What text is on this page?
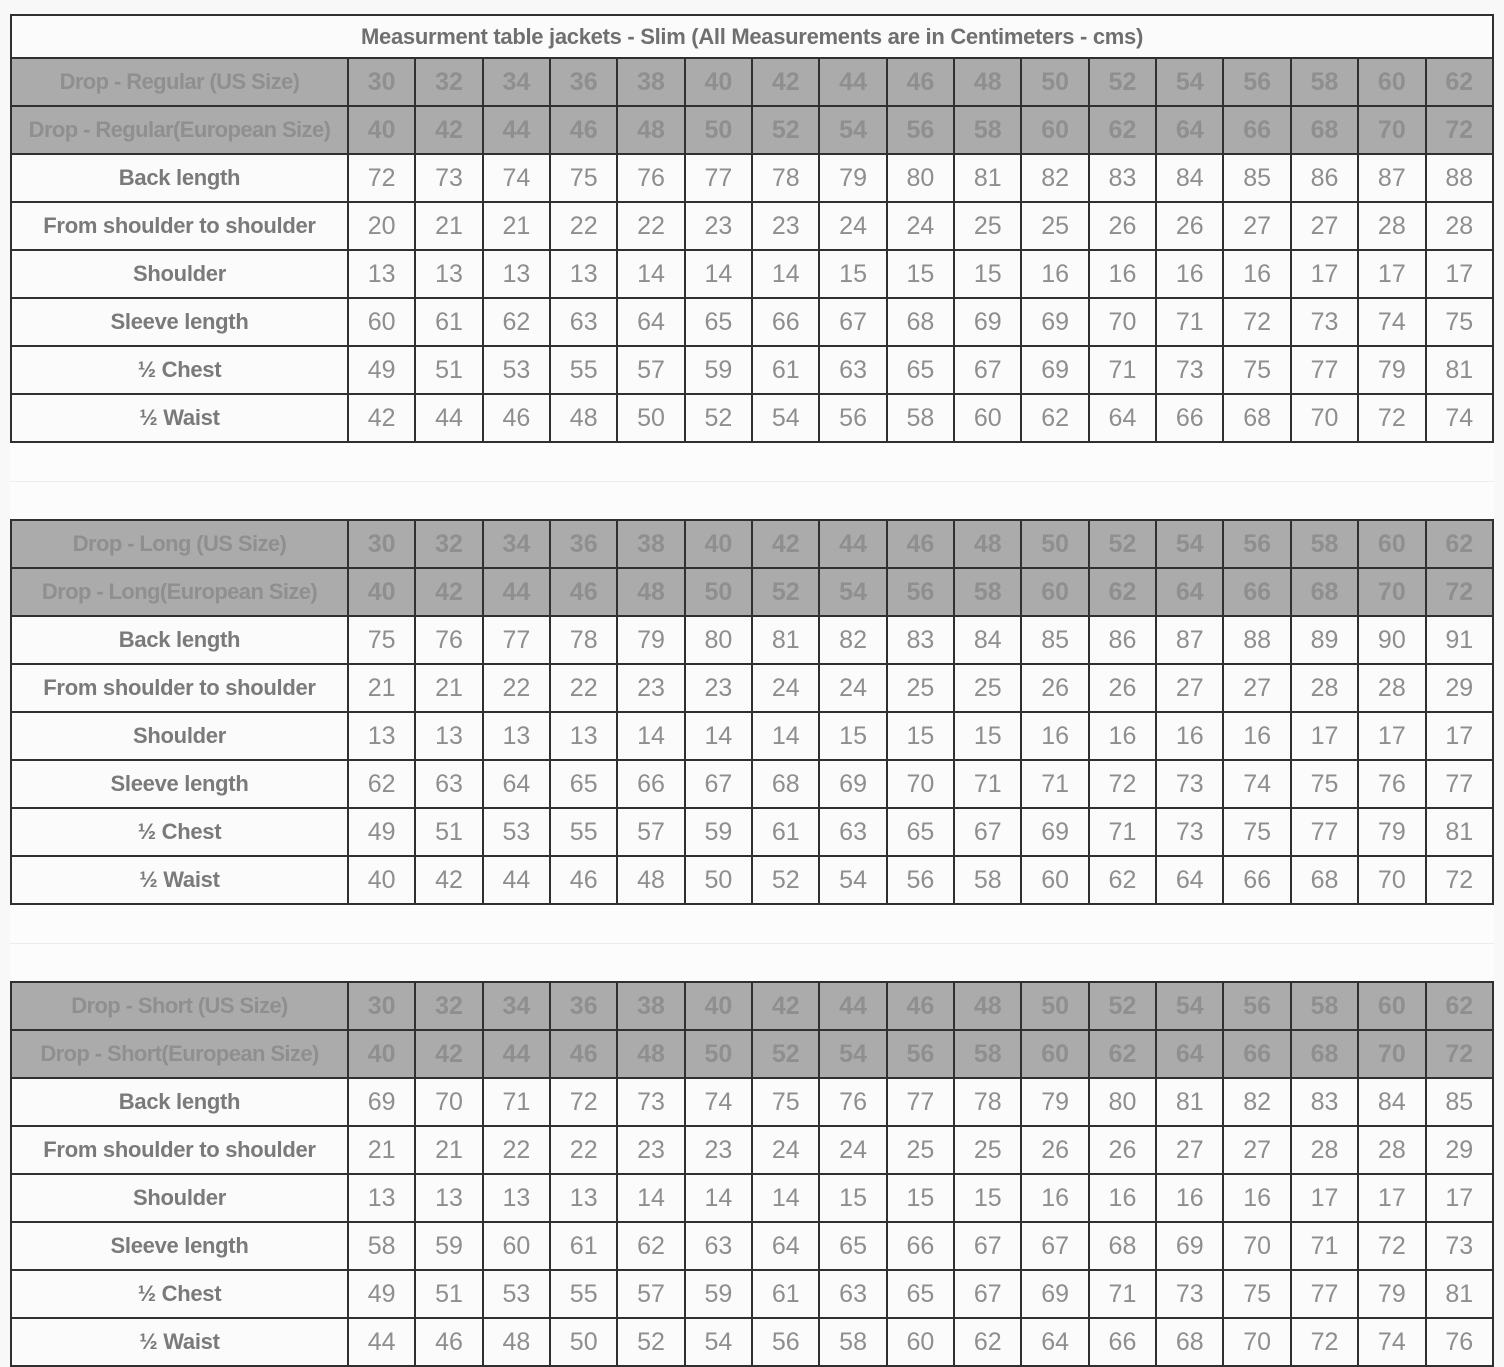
Measurment table jackets - Slim (All Measurements are in Centimeters - cms)																	
Drop - Regular (US Size)	30	32	34	36	38	40	42	44	46	48	50	52	54	56	58	60	62
Drop - Regular(European Size)	40	42	44	46	48	50	52	54	56	58	60	62	64	66	68	70	72
Back length	72	73	74	75	76	77	78	79	80	81	82	83	84	85	86	87	88
From shoulder to shoulder	20	21	21	22	22	23	23	24	24	25	25	26	26	27	27	28	28
Shoulder	13	13	13	13	14	14	14	15	15	15	16	16	16	16	17	17	17
Sleeve length	60	61	62	63	64	65	66	67	68	69	69	70	71	72	73	74	75
½ Chest	49	51	53	55	57	59	61	63	65	67	69	71	73	75	77	79	81
½ Waist	42	44	46	48	50	52	54	56	58	60	62	64	66	68	70	72	74
Drop - Long (US Size)	30	32	34	36	38	40	42	44	46	48	50	52	54	56	58	60	62
Drop - Long(European Size)	40	42	44	46	48	50	52	54	56	58	60	62	64	66	68	70	72
Back length	75	76	77	78	79	80	81	82	83	84	85	86	87	88	89	90	91
From shoulder to shoulder	21	21	22	22	23	23	24	24	25	25	26	26	27	27	28	28	29
Shoulder	13	13	13	13	14	14	14	15	15	15	16	16	16	16	17	17	17
Sleeve length	62	63	64	65	66	67	68	69	70	71	71	72	73	74	75	76	77
½ Chest	49	51	53	55	57	59	61	63	65	67	69	71	73	75	77	79	81
½ Waist	40	42	44	46	48	50	52	54	56	58	60	62	64	66	68	70	72
Drop - Short (US Size)	30	32	34	36	38	40	42	44	46	48	50	52	54	56	58	60	62
Drop - Short(European Size)	40	42	44	46	48	50	52	54	56	58	60	62	64	66	68	70	72
Back length	69	70	71	72	73	74	75	76	77	78	79	80	81	82	83	84	85
From shoulder to shoulder	21	21	22	22	23	23	24	24	25	25	26	26	27	27	28	28	29
Shoulder	13	13	13	13	14	14	14	15	15	15	16	16	16	16	17	17	17
Sleeve length	58	59	60	61	62	63	64	65	66	67	67	68	69	70	71	72	73
½ Chest	49	51	53	55	57	59	61	63	65	67	69	71	73	75	77	79	81
½ Waist	44	46	48	50	52	54	56	58	60	62	64	66	68	70	72	74	76
